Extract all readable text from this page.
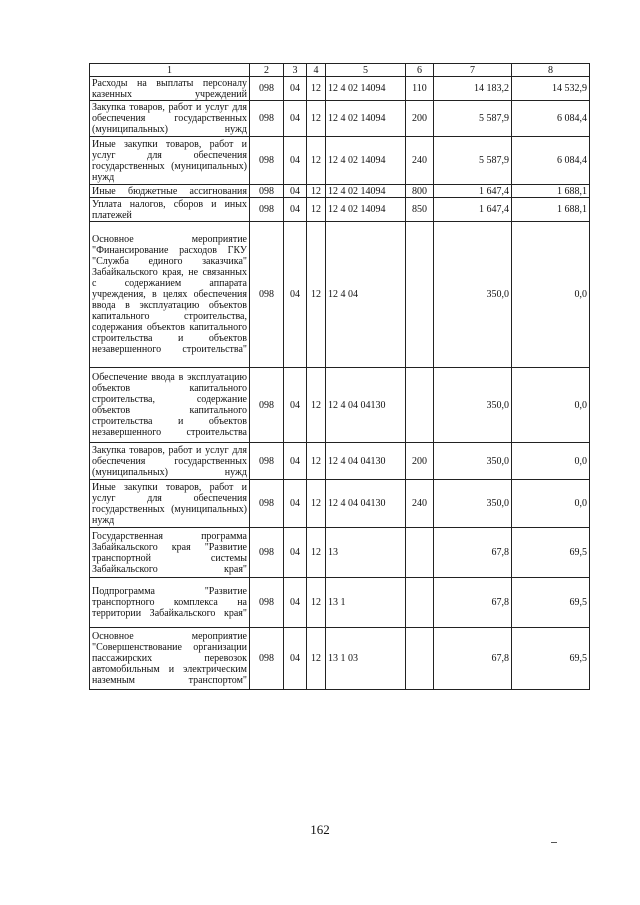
1	2	3	4	5	6	7	8
Расходы на выплаты персоналу казенных учреждений	098	04	12	12 4 02 14094	110	14 183,2	14 532,9
Закупка товаров, работ и услуг для обеспечения государственных (муниципальных) нужд	098	04	12	12 4 02 14094	200	5 587,9	6 084,4
Иные закупки товаров, работ и услуг для обеспечения государственных (муниципальных) нужд	098	04	12	12 4 02 14094	240	5 587,9	6 084,4
Иные бюджетные ассигнования	098	04	12	12 4 02 14094	800	1 647,4	1 688,1
Уплата налогов, сборов и иных платежей	098	04	12	12 4 02 14094	850	1 647,4	1 688,1
Основное мероприятие "Финансирование расходов ГКУ "Служба единого заказчика" Забайкальского края, не связанных с содержанием аппарата учреждения, в целях обеспечения ввода в эксплуатацию объектов капитального строительства, содержания объектов капитального строительства и объектов незавершенного строительства"	098	04	12	12 4 04		350,0	0,0
Обеспечение ввода в эксплуатацию объектов капитального строительства, содержание объектов капитального строительства и объектов незавершенного строительства	098	04	12	12 4 04 04130		350,0	0,0
Закупка товаров, работ и услуг для обеспечения государственных (муниципальных) нужд	098	04	12	12 4 04 04130	200	350,0	0,0
Иные закупки товаров, работ и услуг для обеспечения государственных (муниципальных) нужд	098	04	12	12 4 04 04130	240	350,0	0,0
Государственная программа Забайкальского края "Развитие транспортной системы Забайкальского края"	098	04	12	13		67,8	69,5
Подпрограмма "Развитие транспортного комплекса на территории Забайкальского края"	098	04	12	13 1		67,8	69,5
Основное мероприятие "Совершенствование организации пассажирских перевозок автомобильным и электрическим наземным транспортом"	098	04	12	13 1 03		67,8	69,5
162
